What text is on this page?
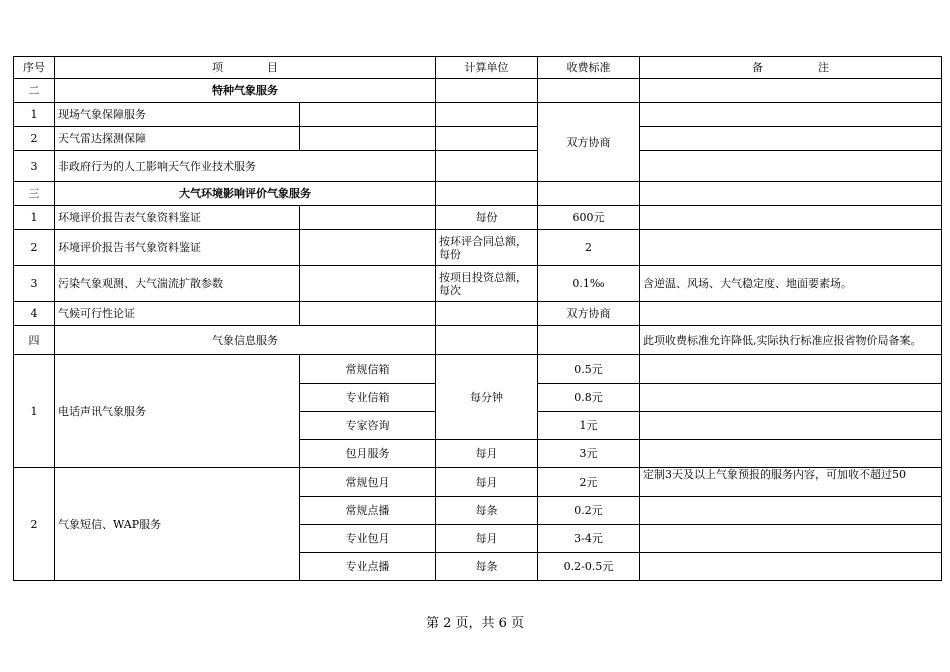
序号	项　　　　目		计算单位	收费标准	备　　　　　注
二	特种气象服务				
1	现场气象保障服务			双方协商	
2	天气雷达探测保障				
3	非政府行为的人工影响天气作业技术服务				
三	大气环境影响评价气象服务				
1	环境评价报告表气象资料鉴证		每份	600元	
2	环境评价报告书气象资料鉴证		按环评合同总额，每份	2	
3	污染气象观测、大气湍流扩散参数		按项目投资总额，每次	0.1‰	含逆温、风场、大气稳定度、地面要素场。
4	气候可行性论证			双方协商	
四	气象信息服务				此项收费标准允许降低,实际执行标准应报省物价局备案。
1	电话声讯气象服务	常规信箱	每分钟	0.5元	
		专业信箱		0.8元	
		专家咨询		1元	
		包月服务	每月	3元	
2	气象短信、WAP服务	常规包月	每月	2元	定制3天及以上气象预报的服务内容，可加收不超过50
		常规点播	每条	0.2元	
		专业包月	每月	3-4元	
		专业点播	每条	0.2-0.5元	
第 2 页，共 6 页
